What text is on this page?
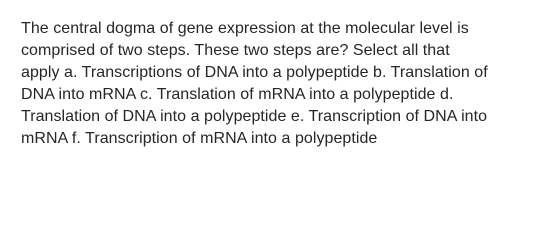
The central dogma of gene expression at the molecular level is
comprised of two steps. These two steps are? Select all that
apply a. Transcriptions of DNA into a polypeptide b. Translation of
DNA into mRNA c. Translation of mRNA into a polypeptide d.
Translation of DNA into a polypeptide e. Transcription of DNA into
mRNA f. Transcription of mRNA into a polypeptide
